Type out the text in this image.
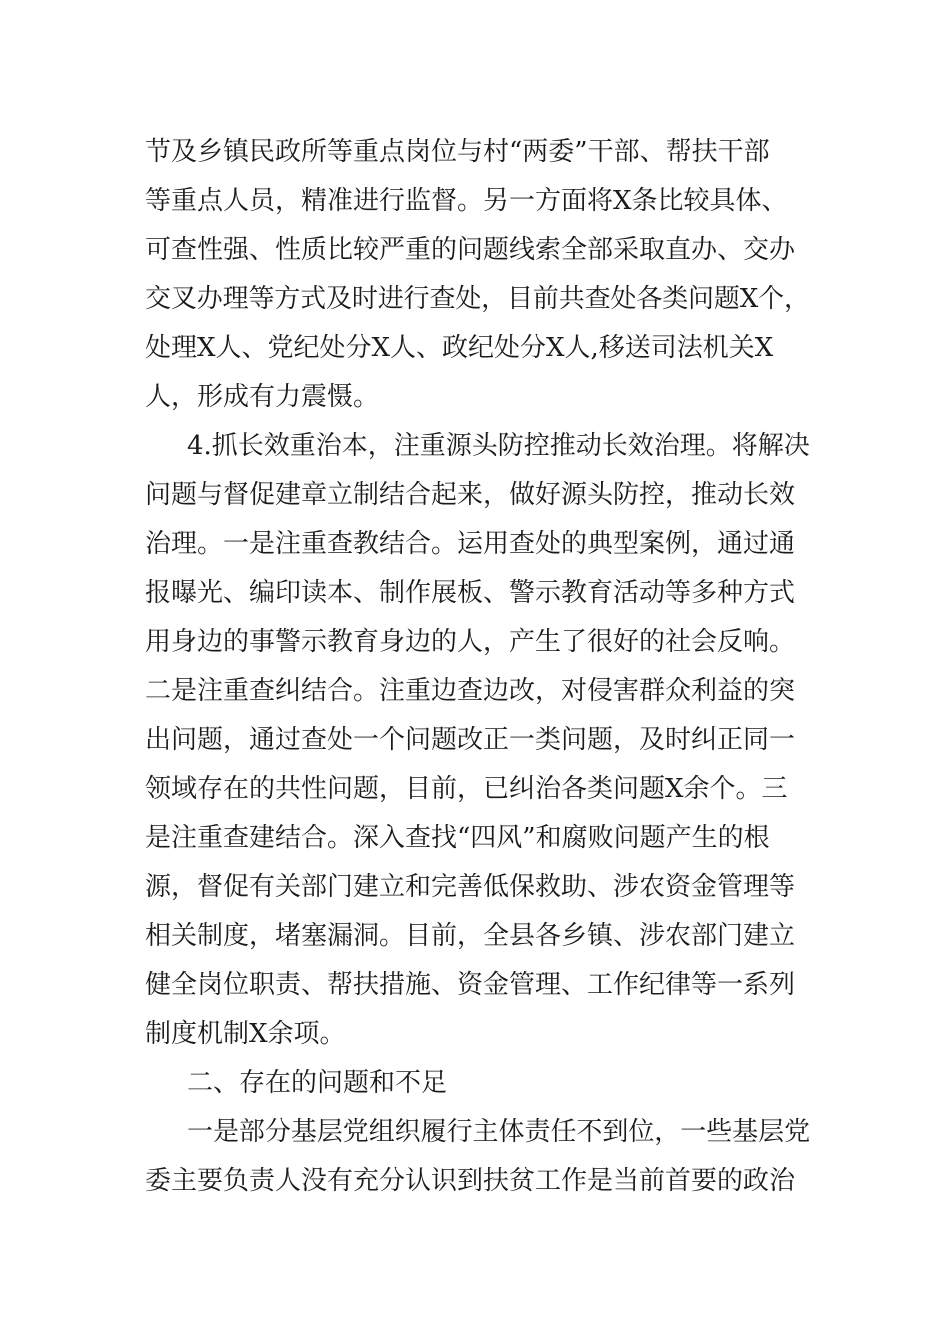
节及乡镇民政所等重点岗位与村“两委”干部、帮扶干部
等重点人员，精准进行监督。另一方面将X条比较具体、
可查性强、性质比较严重的问题线索全部采取直办、交办
交叉办理等方式及时进行查处，目前共查处各类问题X个，
处理X人、党纪处分X人、政纪处分X人,移送司法机关X
人，形成有力震慑。
4.抓长效重治本，注重源头防控推动长效治理。将解决
问题与督促建章立制结合起来，做好源头防控，推动长效
治理。一是注重查教结合。运用查处的典型案例，通过通
报曝光、编印读本、制作展板、警示教育活动等多种方式
用身边的事警示教育身边的人，产生了很好的社会反响。
二是注重查纠结合。注重边查边改，对侵害群众利益的突
出问题，通过查处一个问题改正一类问题，及时纠正同一
领域存在的共性问题，目前，已纠治各类问题X余个。三
是注重查建结合。深入查找“四风”和腐败问题产生的根
源，督促有关部门建立和完善低保救助、涉农资金管理等
相关制度，堵塞漏洞。目前，全县各乡镇、涉农部门建立
健全岗位职责、帮扶措施、资金管理、工作纪律等一系列
制度机制X余项。
二、存在的问题和不足
一是部分基层党组织履行主体责任不到位，一些基层党
委主要负责人没有充分认识到扶贫工作是当前首要的政治
